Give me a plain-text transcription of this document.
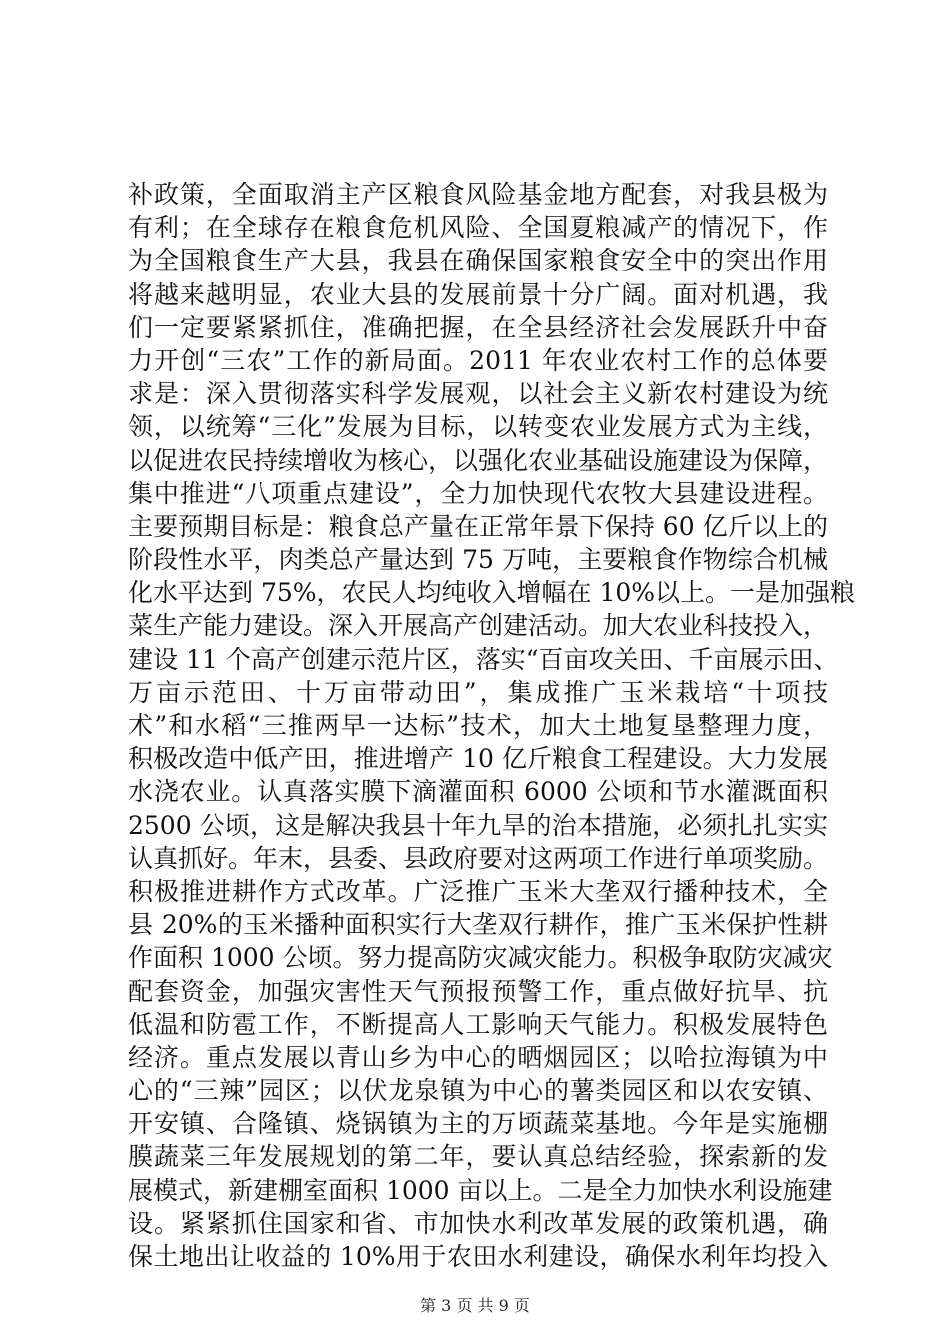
补政策，全面取消主产区粮食风险基金地方配套，对我县极为
有利；在全球存在粮食危机风险、全国夏粮减产的情况下，作
为全国粮食生产大县，我县在确保国家粮食安全中的突出作用
将越来越明显，农业大县的发展前景十分广阔。面对机遇，我
们一定要紧紧抓住，准确把握，在全县经济社会发展跃升中奋
力开创“三农”工作的新局面。2011 年农业农村工作的总体要
求是：深入贯彻落实科学发展观，以社会主义新农村建设为统
领，以统筹“三化”发展为目标，以转变农业发展方式为主线，
以促进农民持续增收为核心，以强化农业基础设施建设为保障，
集中推进“八项重点建设”，全力加快现代农牧大县建设进程。
主要预期目标是：粮食总产量在正常年景下保持 60 亿斤以上的
阶段性水平，肉类总产量达到 75 万吨，主要粮食作物综合机械
化水平达到 75%，农民人均纯收入增幅在 10%以上。一是加强粮
菜生产能力建设。深入开展高产创建活动。加大农业科技投入，
建设 11 个高产创建示范片区，落实“百亩攻关田、千亩展示田、
万亩示范田、十万亩带动田”，集成推广玉米栽培“十项技
术”和水稻“三推两早一达标”技术，加大土地复垦整理力度，
积极改造中低产田，推进增产 10 亿斤粮食工程建设。大力发展
水浇农业。认真落实膜下滴灌面积 6000 公顷和节水灌溉面积
2500 公顷，这是解决我县十年九旱的治本措施，必须扎扎实实
认真抓好。年末，县委、县政府要对这两项工作进行单项奖励。
积极推进耕作方式改革。广泛推广玉米大垄双行播种技术，全
县 20%的玉米播种面积实行大垄双行耕作，推广玉米保护性耕
作面积 1000 公顷。努力提高防灾减灾能力。积极争取防灾减灾
配套资金，加强灾害性天气预报预警工作，重点做好抗旱、抗
低温和防雹工作，不断提高人工影响天气能力。积极发展特色
经济。重点发展以青山乡为中心的晒烟园区；以哈拉海镇为中
心的“三辣”园区；以伏龙泉镇为中心的薯类园区和以农安镇、
开安镇、合隆镇、烧锅镇为主的万顷蔬菜基地。今年是实施棚
膜蔬菜三年发展规划的第二年，要认真总结经验，探索新的发
展模式，新建棚室面积 1000 亩以上。二是全力加快水利设施建
设。紧紧抓住国家和省、市加快水利改革发展的政策机遇，确
保土地出让收益的 10%用于农田水利建设，确保水利年均投入
第 3 页 共 9 页
